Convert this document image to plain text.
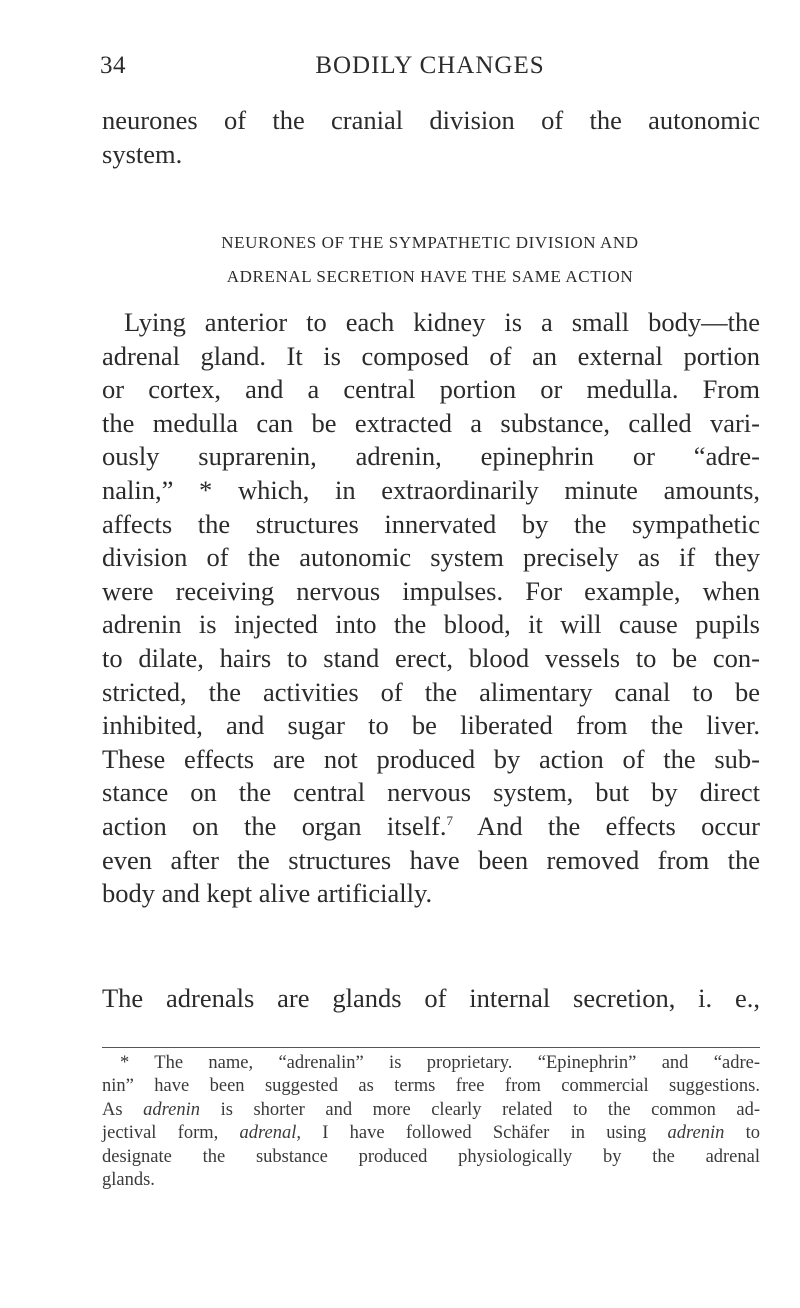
34	BODILY CHANGES
neurones of the cranial division of the autonomic
system.
NEURONES OF THE SYMPATHETIC DIVISION AND
ADRENAL SECRETION HAVE THE SAME ACTION
Lying anterior to each kidney is a small body—the
adrenal gland. It is composed of an external portion
or cortex, and a central portion or medulla. From
the medulla can be extracted a substance, called vari-
ously suprarenin, adrenin, epinephrin or “adre-
nalin,” * which, in extraordinarily minute amounts,
affects the structures innervated by the sympathetic
division of the autonomic system precisely as if they
were receiving nervous impulses. For example, when
adrenin is injected into the blood, it will cause pupils
to dilate, hairs to stand erect, blood vessels to be con-
stricted, the activities of the alimentary canal to be
inhibited, and sugar to be liberated from the liver.
These effects are not produced by action of the sub-
stance on the central nervous system, but by direct
action on the organ itself.$^7$ And the effects occur
even after the structures have been removed from the
body and kept alive artificially.
The adrenals are glands of internal secretion, i. e.,
* The name, “adrenalin” is proprietary. “Epinephrin” and “adre-
nin” have been suggested as terms free from commercial suggestions.
As adrenin is shorter and more clearly related to the common ad-
jectival form, adrenal, I have followed Schäfer in using adrenin to
designate the substance produced physiologically by the adrenal
glands.
